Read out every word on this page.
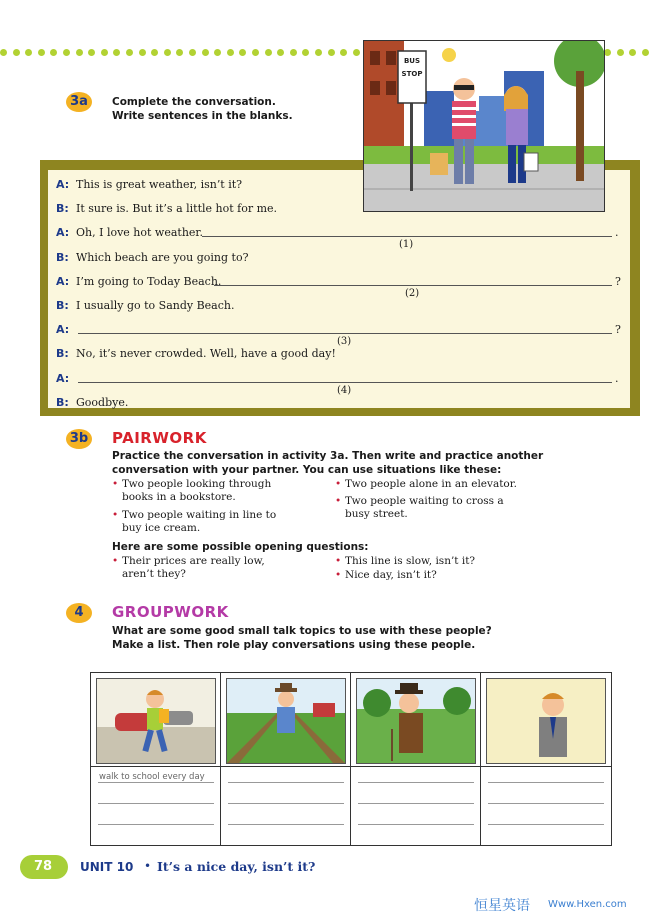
3a	Complete the conversation.
Write sentences in the blanks.
BUS
STOP
A: This is great weather, isn’t it?
B: It sure is. But it’s a little hot for me.
A: Oh, I love hot weather.
(1)
.
B: Which beach are you going to?
A: I’m going to Today Beach.
(2)
?
B: I usually go to Sandy Beach.
A:
(3)
?
B: No, it’s never crowded. Well, have a good day!
A:
(4)
.
B: Goodbye.
3b PAIRWORK
Practice the conversation in activity 3a. Then write and practice another
conversation with your partner. You can use situations like these:
• Two people looking through
books in a bookstore.
• Two people waiting in line to
buy ice cream.
• Two people alone in an elevator.
• Two people waiting to cross a
busy street.
Here are some possible opening questions:
• Their prices are really low,
aren’t they?
• This line is slow, isn’t it?
• Nice day, isn’t it?
4	GROUPWORK
What are some good small talk topics to use with these people?
Make a list. Then role play conversations using these people.
walk to school every day
78 UNIT 10 • It’s a nice day, isn’t it?
恒星英语 Www.Hxen.com
